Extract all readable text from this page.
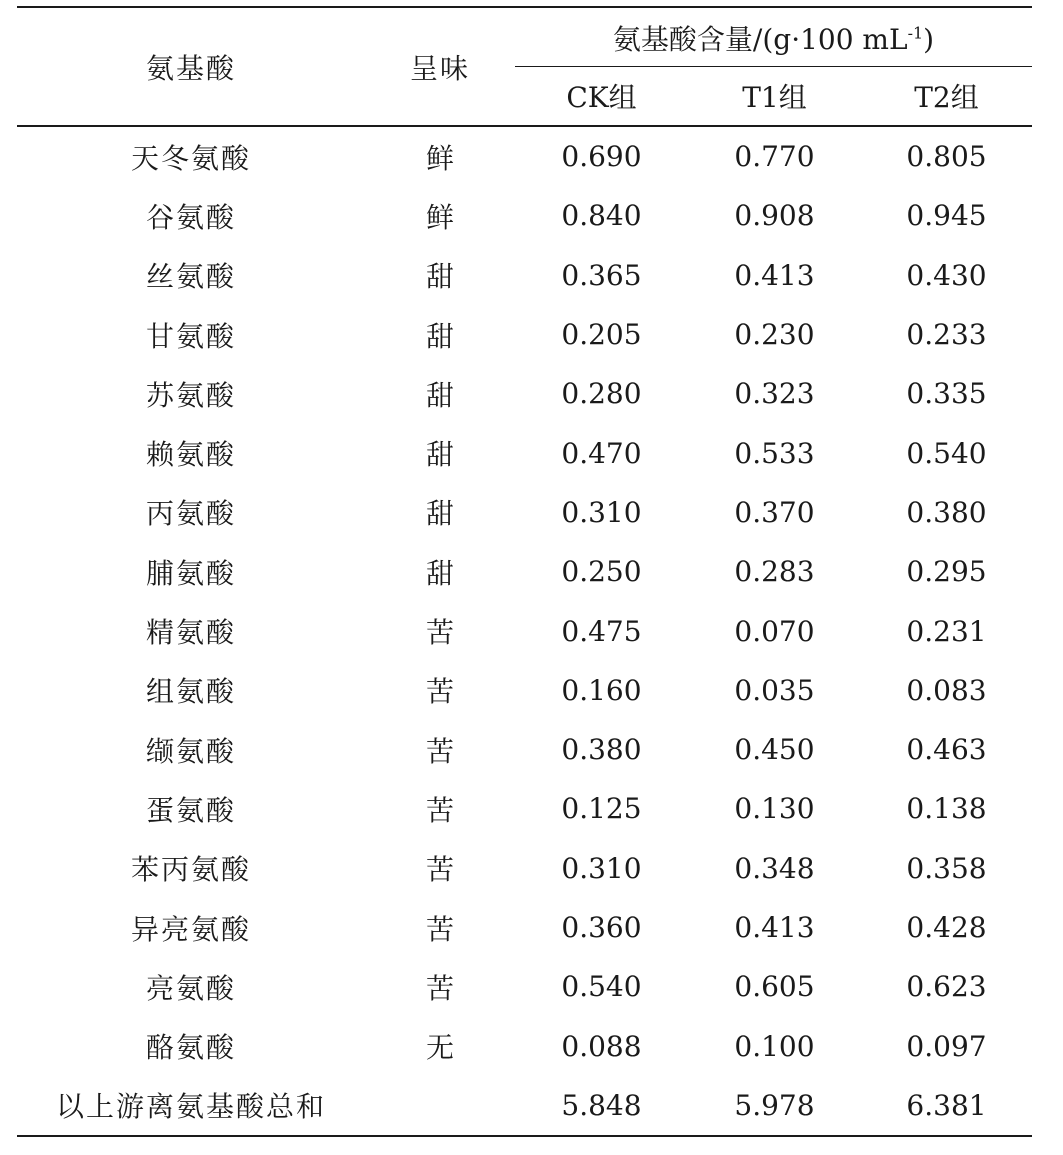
氨基酸	呈味	氨基酸含量/(g·100 $mL^{-1}$)		
		CK组	T1组	T2组
天冬氨酸	鲜	0.690	0.770	0.805
谷氨酸	鲜	0.840	0.908	0.945
丝氨酸	甜	0.365	0.413	0.430
甘氨酸	甜	0.205	0.230	0.233
苏氨酸	甜	0.280	0.323	0.335
赖氨酸	甜	0.470	0.533	0.540
丙氨酸	甜	0.310	0.370	0.380
脯氨酸	甜	0.250	0.283	0.295
精氨酸	苦	0.475	0.070	0.231
组氨酸	苦	0.160	0.035	0.083
缬氨酸	苦	0.380	0.450	0.463
蛋氨酸	苦	0.125	0.130	0.138
苯丙氨酸	苦	0.310	0.348	0.358
异亮氨酸	苦	0.360	0.413	0.428
亮氨酸	苦	0.540	0.605	0.623
酪氨酸	无	0.088	0.100	0.097
以上游离氨基酸总和		5.848	5.978	6.381
